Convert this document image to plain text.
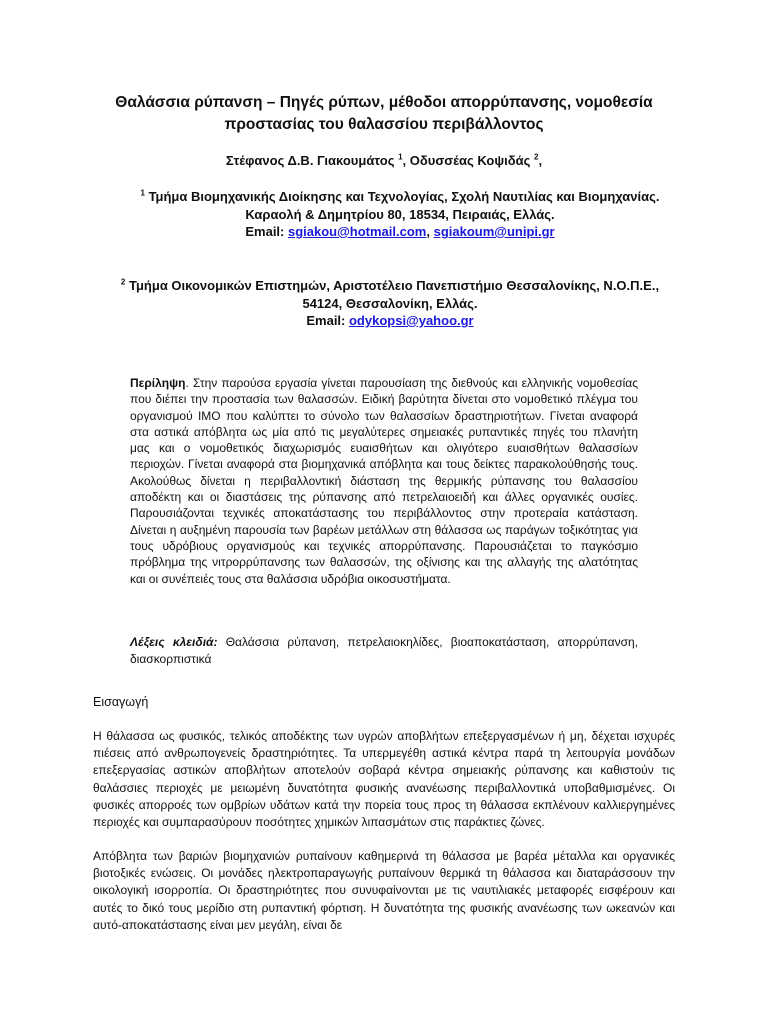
Θαλάσσια ρύπανση – Πηγές ρύπων, μέθοδοι απορρύπανσης, νομοθεσία προστασίας του θαλασσίου περιβάλλοντος
Στέφανος Δ.Β. Γιακουμάτος $^1$, Οδυσσέας Κοψιδάς $^2$,
$^1$ Τμήμα Βιομηχανικής Διοίκησης και Τεχνολογίας, Σχολή Ναυτιλίας και Βιομηχανίας.
Καραολή & Δημητρίου 80, 18534, Πειραιάς, Ελλάς.
Email: sgiakou@hotmail.com, sgiakoum@unipi.gr
$^2$ Τμήμα Οικονομικών Επιστημών, Αριστοτέλειο Πανεπιστήμιο Θεσσαλονίκης, Ν.Ο.Π.Ε., 54124, Θεσσαλονίκη, Ελλάς.
Email: odykopsi@yahoo.gr
Περίληψη. Στην παρούσα εργασία γίνεται παρουσίαση της διεθνούς και ελληνικής νομοθεσίας που διέπει την προστασία των θαλασσών. Ειδική βαρύτητα δίνεται στο νομοθετικό πλέγμα του οργανισμού ΙΜΟ που καλύπτει το σύνολο των θαλασσίων δραστηριοτήτων. Γίνεται αναφορά στα αστικά απόβλητα ως μία από τις μεγαλύτερες σημειακές ρυπαντικές πηγές του πλανήτη μας και ο νομοθετικός διαχωρισμός ευαισθήτων και ολιγότερο ευαισθήτων θαλασσίων περιοχών. Γίνεται αναφορά στα βιομηχανικά απόβλητα και τους δείκτες παρακολούθησής τους. Ακολούθως δίνεται η περιβαλλοντική διάσταση της θερμικής ρύπανσης του θαλασσίου αποδέκτη και οι διαστάσεις της ρύπανσης από πετρελαιοειδή και άλλες οργανικές ουσίες. Παρουσιάζονται τεχνικές αποκατάστασης του περιβάλλοντος στην προτεραία κατάσταση. Δίνεται η αυξημένη παρουσία των βαρέων μετάλλων στη θάλασσα ως παράγων τοξικότητας για τους υδρόβιους οργανισμούς και τεχνικές απορρύπανσης. Παρουσιάζεται το παγκόσμιο πρόβλημα της νιτρορρύπανσης των θαλασσών, της οξίνισης και της αλλαγής της αλατότητας και οι συνέπειές τους στα θαλάσσια υδρόβια οικοσυστήματα.
Λέξεις κλειδιά: Θαλάσσια ρύπανση, πετρελαιοκηλίδες, βιοαποκατάσταση, απορρύπανση, διασκορπιστικά
Εισαγωγή

Η θάλασσα ως φυσικός, τελικός αποδέκτης των υγρών αποβλήτων επεξεργασμένων ή μη, δέχεται ισχυρές πιέσεις από ανθρωπογενείς δραστηριότητες. Τα υπερμεγέθη αστικά κέντρα παρά τη λειτουργία μονάδων επεξεργασίας αστικών αποβλήτων αποτελούν σοβαρά κέντρα σημειακής ρύπανσης και καθιστούν τις θαλάσσιες περιοχές με μειωμένη δυνατότητα φυσικής ανανέωσης περιβαλλοντικά υποβαθμισμένες. Οι φυσικές απορροές των ομβρίων υδάτων κατά την πορεία τους προς τη θάλασσα εκπλένουν καλλιεργημένες περιοχές και συμπαρασύρουν ποσότητες χημικών λιπασμάτων στις παράκτιες ζώνες.

Απόβλητα των βαριών βιομηχανιών ρυπαίνουν καθημερινά τη θάλασσα με βαρέα μέταλλα και οργανικές βιοτοξικές ενώσεις. Οι μονάδες ηλεκτροπαραγωγής ρυπαίνουν θερμικά τη θάλασσα και διαταράσσουν την οικολογική ισορροπία. Οι δραστηριότητες που συνυφαίνονται με τις ναυτιλιακές μεταφορές εισφέρουν και αυτές το δικό τους μερίδιο στη ρυπαντική φόρτιση. Η δυνατότητα της φυσικής ανανέωσης των ωκεανών και αυτό-αποκατάστασης είναι μεν μεγάλη, είναι δε
